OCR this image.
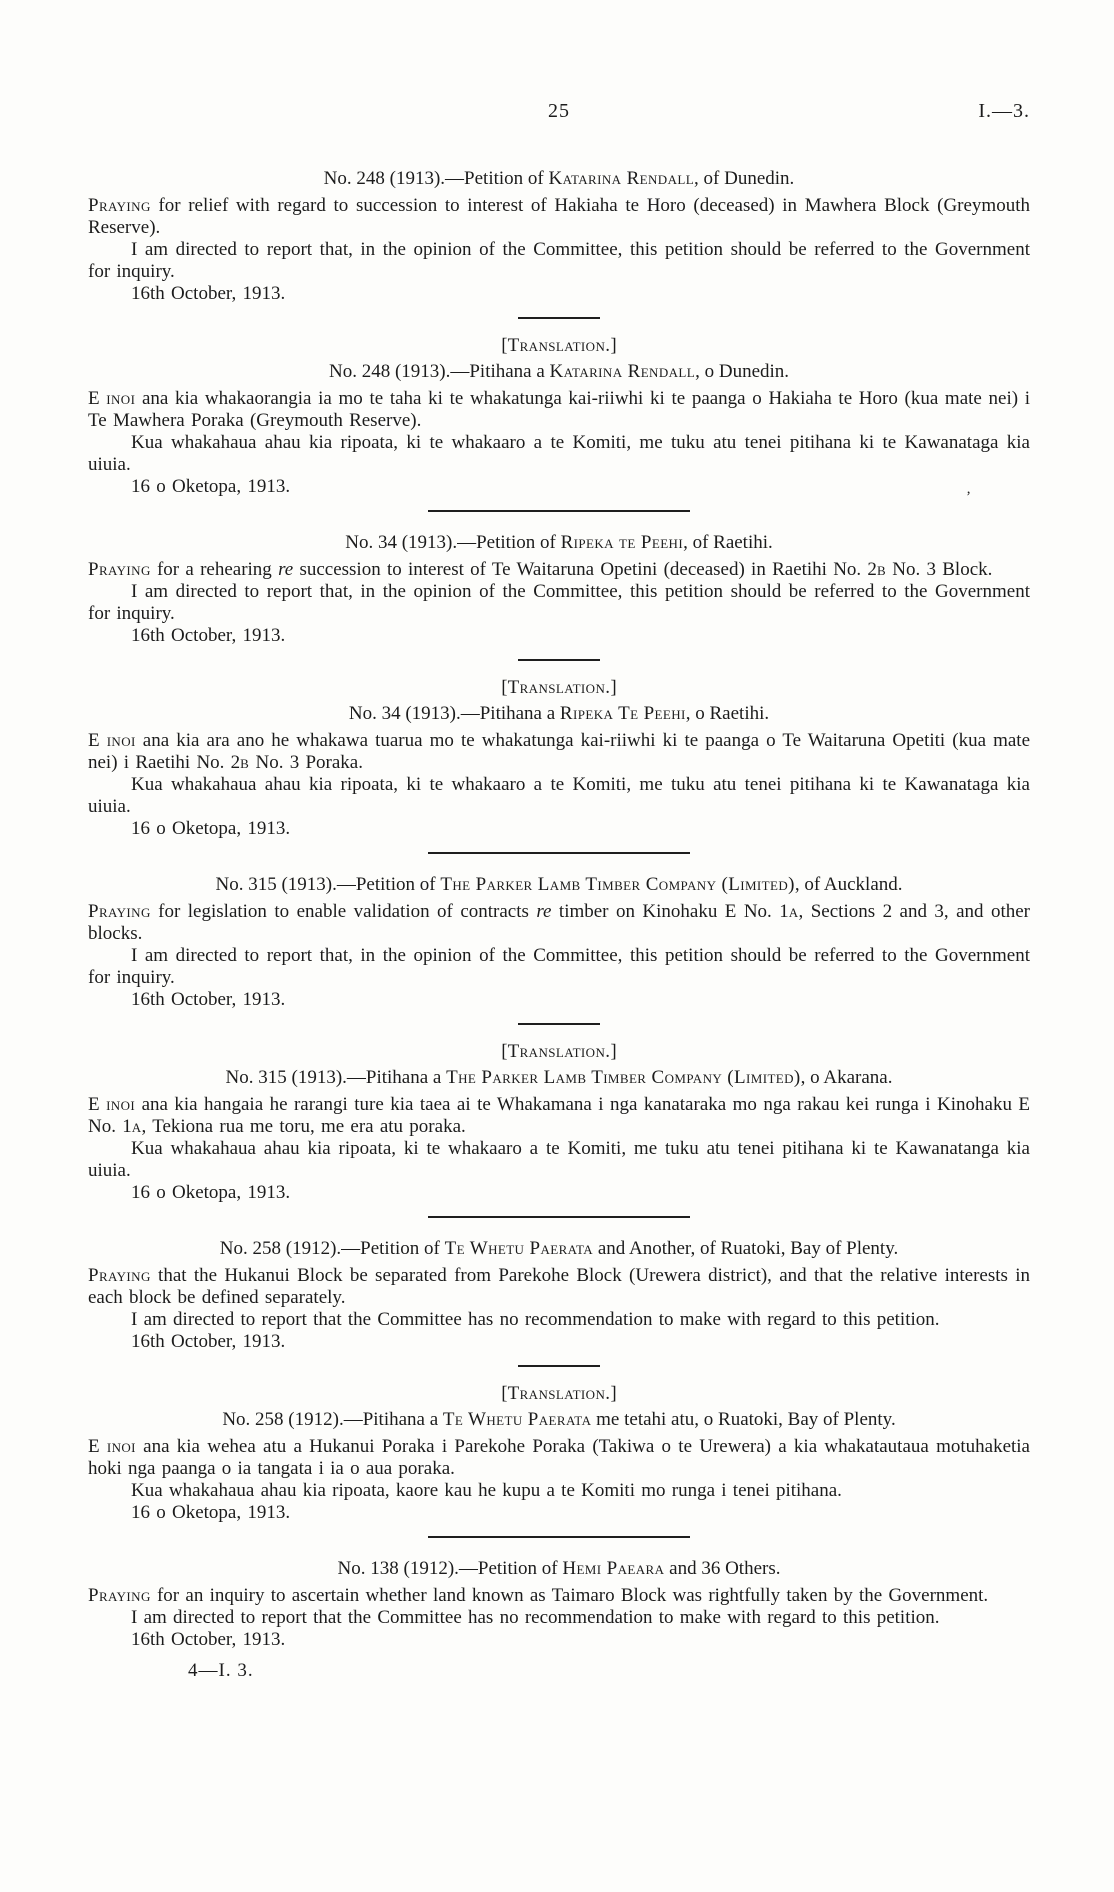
25	I.—3.

No. 248 (1913).—Petition of Katarina Rendall, of Dunedin.

Praying for relief with regard to succession to interest of Hakiaha te Horo (deceased) in Mawhera Block (Greymouth Reserve).

I am directed to report that, in the opinion of the Committee, this petition should be referred to the Government for inquiry.

16th October, 1913.

[Translation.]

No. 248 (1913).—Pitihana a Katarina Rendall, o Dunedin.

E inoi ana kia whakaorangia ia mo te taha ki te whakatunga kai-riiwhi ki te paanga o Hakiaha te Horo (kua mate nei) i Te Mawhera Poraka (Greymouth Reserve).

Kua whakahaua ahau kia ripoata, ki te whakaaro a te Komiti, me tuku atu tenei pitihana ki te Kawanataga kia uiuia.

16 o Oketopa, 1913.

No. 34 (1913).—Petition of Ripeka te Peehi, of Raetihi.

Praying for a rehearing re succession to interest of Te Waitaruna Opetini (deceased) in Raetihi No. 2b No. 3 Block.

I am directed to report that, in the opinion of the Committee, this petition should be referred to the Government for inquiry.

16th October, 1913.

[Translation.]

No. 34 (1913).—Pitihana a Ripeka Te Peehi, o Raetihi.

E inoi ana kia ara ano he whakawa tuarua mo te whakatunga kai-riiwhi ki te paanga o Te Waitaruna Opetiti (kua mate nei) i Raetihi No. 2b No. 3 Poraka.

Kua whakahaua ahau kia ripoata, ki te whakaaro a te Komiti, me tuku atu tenei pitihana ki te Kawanataga kia uiuia.

16 o Oketopa, 1913.

No. 315 (1913).—Petition of The Parker Lamb Timber Company (Limited), of Auckland.

Praying for legislation to enable validation of contracts re timber on Kinohaku E No. 1a, Sections 2 and 3, and other blocks.

I am directed to report that, in the opinion of the Committee, this petition should be referred to the Government for inquiry.

16th October, 1913.

[Translation.]

No. 315 (1913).—Pitihana a The Parker Lamb Timber Company (Limited), o Akarana.

E inoi ana kia hangaia he rarangi ture kia taea ai te Whakamana i nga kanataraka mo nga rakau kei runga i Kinohaku E No. 1a, Tekiona rua me toru, me era atu poraka.

Kua whakahaua ahau kia ripoata, ki te whakaaro a te Komiti, me tuku atu tenei pitihana ki te Kawanatanga kia uiuia.

16 o Oketopa, 1913.

No. 258 (1912).—Petition of Te Whetu Paerata and Another, of Ruatoki, Bay of Plenty.

Praying that the Hukanui Block be separated from Parekohe Block (Urewera district), and that the relative interests in each block be defined separately.

I am directed to report that the Committee has no recommendation to make with regard to this petition.

16th October, 1913.

[Translation.]

No. 258 (1912).—Pitihana a Te Whetu Paerata me tetahi atu, o Ruatoki, Bay of Plenty.

E inoi ana kia wehea atu a Hukanui Poraka i Parekohe Poraka (Takiwa o te Urewera) a kia whakatautaua motuhaketia hoki nga paanga o ia tangata i ia o aua poraka.

Kua whakahaua ahau kia ripoata, kaore kau he kupu a te Komiti mo runga i tenei pitihana.

16 o Oketopa, 1913.

No. 138 (1912).—Petition of Hemi Paeara and 36 Others.

Praying for an inquiry to ascertain whether land known as Taimaro Block was rightfully taken by the Government.

I am directed to report that the Committee has no recommendation to make with regard to this petition.

16th October, 1913.

4—I. 3.
’
